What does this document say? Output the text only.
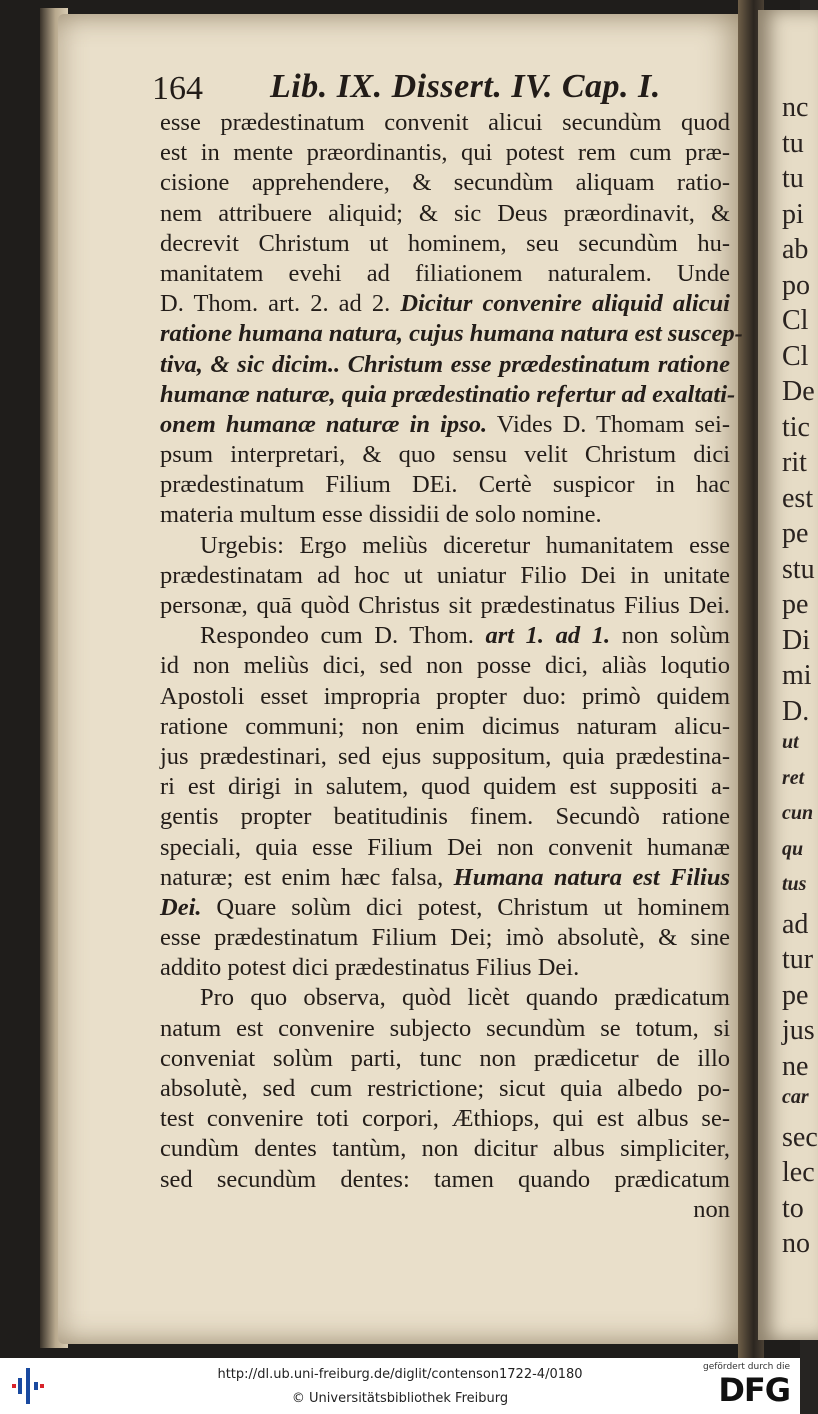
nc
tu
tu
pi
ab
po
Cl
Cl
De
tic
rit
est
pe
stu
pe
Di
mi
D.
ut
ret
cun
qu
tus
ad
tur
pe
jus
ne
car
sec
lec
to
no
164 Lib. IX. Dissert. IV. Cap. I.
esse prædestinatum convenit alicui secundùm quod
est in mente præordinantis, qui potest rem cum præ-
cisione apprehendere, & secundùm aliquam ratio-
nem attribuere aliquid; & sic Deus præordinavit, &
decrevit Christum ut hominem, seu secundùm hu-
manitatem evehi ad filiationem naturalem. Unde
D. Thom. art. 2. ad 2. Dicitur convenire aliquid alicui
ratione humana natura, cujus humana natura est suscep-
tiva, & sic dicim.. Christum esse prædestinatum ratione
humanæ naturæ, quia prædestinatio refertur ad exaltati-
onem humanæ naturæ in ipso. Vides D. Thomam sei-
psum interpretari, & quo sensu velit Christum dici
prædestinatum Filium DEi. Certè suspicor in hac
materia multum esse dissidii de solo nomine.
Urgebis: Ergo meliùs diceretur humanitatem esse
prædestinatam ad hoc ut uniatur Filio Dei in unitate
personæ, quā quòd Christus sit prædestinatus Filius Dei.
Respondeo cum D. Thom. art 1. ad 1. non solùm
id non meliùs dici, sed non posse dici, aliàs loqutio
Apostoli esset impropria propter duo: primò quidem
ratione communi; non enim dicimus naturam alicu-
jus prædestinari, sed ejus suppositum, quia prædestina-
ri est dirigi in salutem, quod quidem est suppositi a-
gentis propter beatitudinis finem. Secundò ratione
speciali, quia esse Filium Dei non convenit humanæ
naturæ; est enim hæc falsa, Humana natura est Filius
Dei. Quare solùm dici potest, Christum ut hominem
esse prædestinatum Filium Dei; imò absolutè, & sine
addito potest dici prædestinatus Filius Dei.
Pro quo observa, quòd licèt quando prædicatum
natum est convenire subjecto secundùm se totum, si
conveniat solùm parti, tunc non prædicetur de illo
absolutè, sed cum restrictione; sicut quia albedo po-
test convenire toti corpori, Æthiops, qui est albus se-
cundùm dentes tantùm, non dicitur albus simpliciter,
sed secundùm dentes: tamen quando prædicatum
non
http://dl.ub.uni-freiburg.de/diglit/contenson1722-4/0180
© Universitätsbibliothek Freiburg
gefördert durch die
DFG
